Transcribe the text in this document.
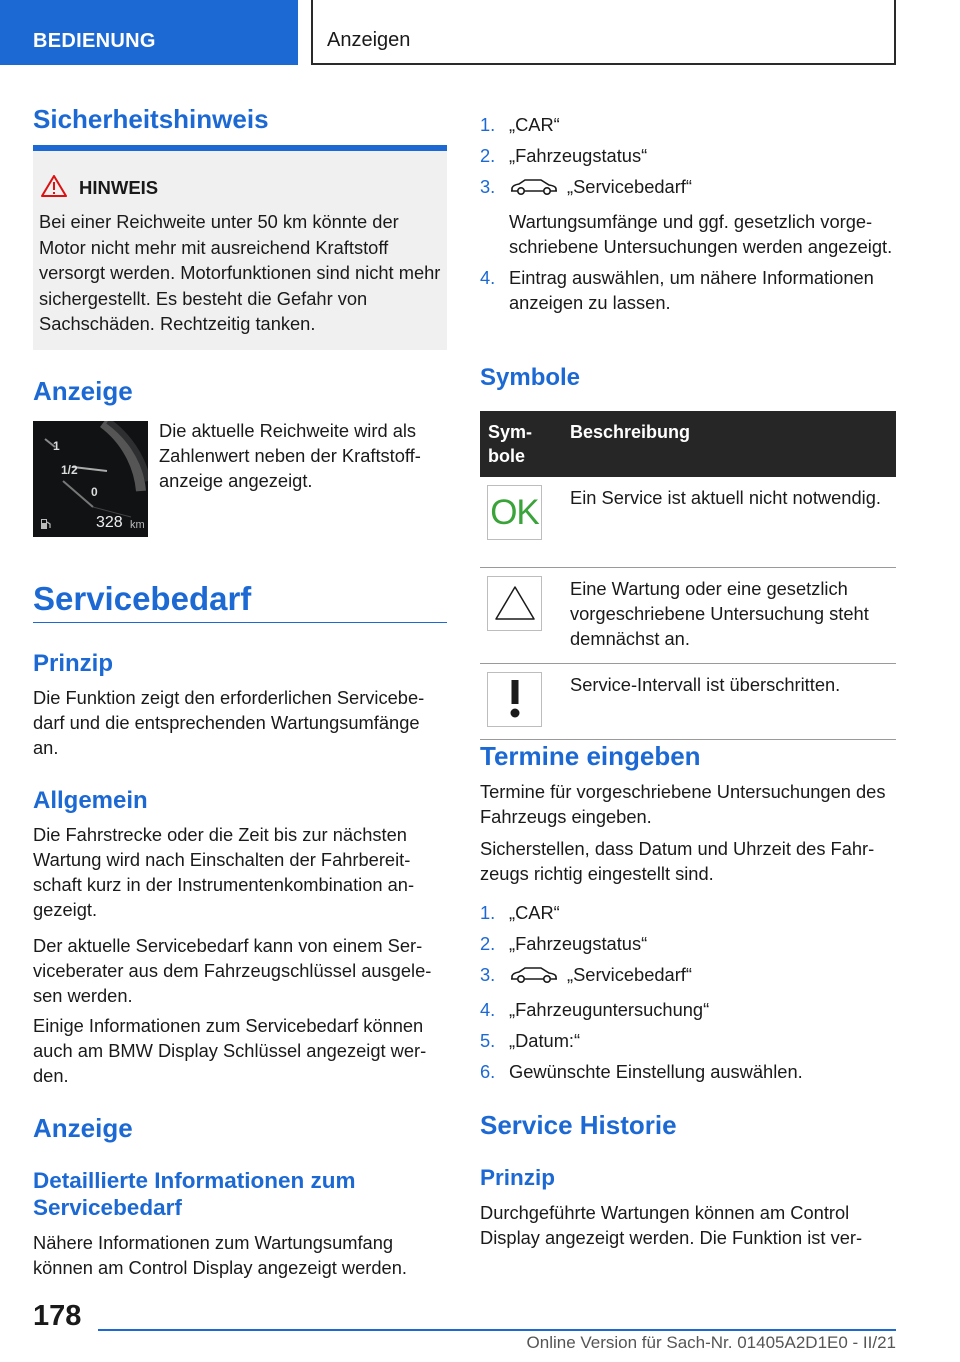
BEDIENUNG	Anzeigen
Sicherheitshinweis
HINWEIS
Bei einer Reichweite unter 50 km könnte der Motor nicht mehr mit ausreichend Kraftstoff versorgt werden. Motorfunktionen sind nicht mehr sichergestellt. Es besteht die Gefahr von Sachschäden. Rechtzeitig tanken.
Anzeige
1
1/2
0
328 km

Die aktuelle Reichweite wird als Zahlenwert neben der Kraftstoffanzeige angezeigt.

Servicebedarf
Prinzip

Die Funktion zeigt den erforderlichen Servicebedarf und die entsprechenden Wartungsumfänge an.

Allgemein

Die Fahrstrecke oder die Zeit bis zur nächsten Wartung wird nach Einschalten der Fahrbereitschaft kurz in der Instrumentenkombination angezeigt.

Der aktuelle Servicebedarf kann von einem Serviceberater aus dem Fahrzeugschlüssel ausgelesen werden.

Einige Informationen zum Servicebedarf können auch am BMW Display Schlüssel angezeigt werden.

Anzeige
Detaillierte Informationen zum Servicebedarf

Nähere Informationen zum Wartungsumfang können am Control Display angezeigt werden.

1. „CAR“
2. „Fahrzeugstatus“
3.	„Servicebedarf“
Wartungsumfänge und ggf. gesetzlich vorgeschriebene Untersuchungen werden angezeigt.
4. Eintrag auswählen, um nähere Informationen anzeigen zu lassen.
Symbole
Symbole	Beschreibung

OK	Ein Service ist aktuell nicht notwendig.

	Eine Wartung oder eine gesetzlich vorgeschriebene Untersuchung steht demnächst an.

	Service-Intervall ist überschritten.
Termine eingeben

Termine für vorgeschriebene Untersuchungen des Fahrzeugs eingeben.

Sicherstellen, dass Datum und Uhrzeit des Fahrzeugs richtig eingestellt sind.

1. „CAR“
2. „Fahrzeugstatus“
3.	„Servicebedarf“
4. „Fahrzeuguntersuchung“
5. „Datum:“
6. Gewünschte Einstellung auswählen.
Service Historie
Prinzip

Durchgeführte Wartungen können am Control Display angezeigt werden. Die Funktion ist ver-

178
Online Version für Sach-Nr. 01405A2D1E0 - II/21
